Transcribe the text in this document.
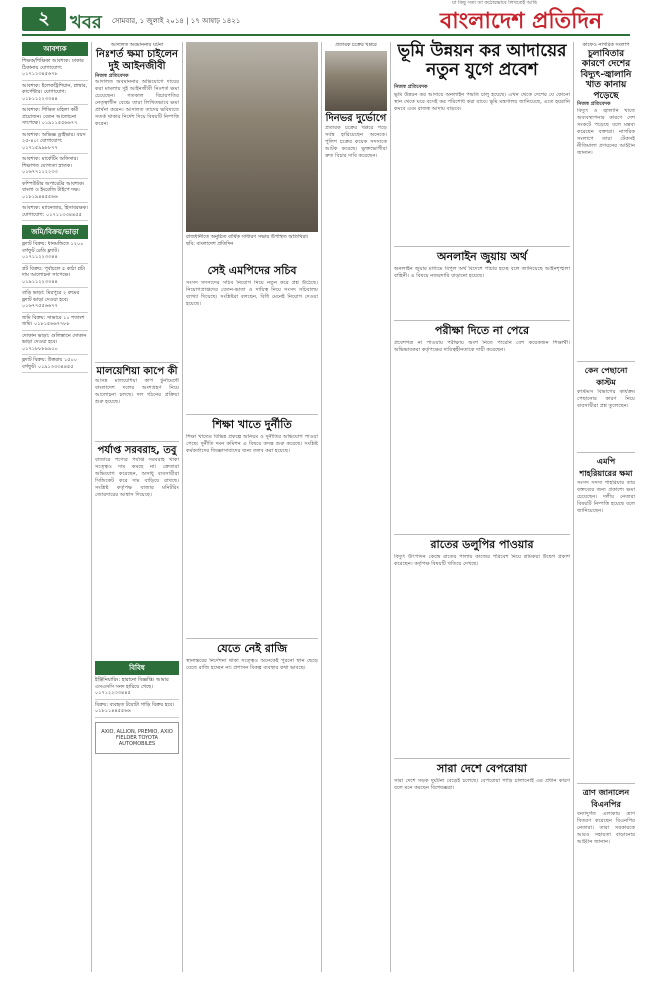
২	খবর সোমবার, ১ জুলাই ২০১৪ | ১৭ আষাঢ় ১৪২১
যা কিছু সত্য তা কঠোরভাবে লিখতেই আছি
বাংলাদেশ প্রতিদিন
আবশ্যক
শিক্ষক/শিক্ষিকা আবশ্যক: ঢাকার ঠিকানায় যোগাযোগ: ০১৭১২৩৪৫৬৭৮
আবশ্যক: ইলেকট্রিশিয়ান, প্লাম্বার, কার্পেন্টার। যোগাযোগ: ০১৮১১২২৩৩৪৪
আবশ্যক: শিক্ষিত মহিলা কর্মী প্রয়োজন। বেতন আলোচনা সাপেক্ষে। ০১৯১১৫৫৬৬৭৭
আবশ্যক: অভিজ্ঞ ড্রাইভার। বয়স ২৫-৪০। যোগাযোগ: ০১৭১৫৯৯৮৮৭৭
আবশ্যক: মার্কেটিং অফিসার। শিক্ষাগত যোগ্যতা স্নাতক। ০১৬৭৭১১২২৩৩
কম্পিউটার অপারেটর আবশ্যক। বাংলা ও ইংরেজি টাইপে দক্ষ। ০১৮১৯৪৪৫৫৬৬
আবশ্যক: ম্যানেজার, হিসাবরক্ষক। যোগাযোগ: ০১৭১১৩৩৪৪৫৫
জমি/বিক্রয়/ভাড়া
ফ্ল্যাট বিক্রয়: ধানমন্ডিতে ১২০০ বর্গফুট রেডি ফ্ল্যাট। ০১৭১১২২৩৩৪৪
প্লট বিক্রয়: পূর্বাচলে ৫ কাঠা প্লট। দাম আলোচনা সাপেক্ষে। ০১৯১১২২৩৩৪৪
বাড়ি ভাড়া: মিরপুরে ২ রুমের ফ্ল্যাট ভাড়া দেওয়া হবে। ০১৬৭৭৫৫৬৬৭৭
জমি বিক্রয়: সাভারে ১০ শতাংশ জমি। ০১৮১৫৬৬৭৭৮৮
দোকান ভাড়া: গুলিস্তানে দোকান ভাড়া দেওয়া হবে। ০১৭১৮৮৮৯৯০০
ফ্ল্যাট বিক্রয়: উত্তরায় ১৫০০ বর্গফুট। ০১৯১৩৩৩৪৪৫৫
আদালত অবমাননার ঘটনা
নিঃশর্ত ক্ষমা চাইলেন দুই আইনজীবী
নিজস্ব প্রতিবেদক
আদালত অবমাননার অভিযোগে দায়ের করা মামলায় দুই আইনজীবী নিঃশর্ত ক্ষমা চেয়েছেন। গতকাল বিচারপতির নেতৃত্বাধীন বেঞ্চে তারা লিখিতভাবে ক্ষমা প্রার্থনা করেন। আদালত তাদের ভবিষ্যতে সতর্ক থাকার নির্দেশ দিয়ে বিষয়টি নিষ্পত্তি করেন।
মালয়েশিয়া কাপে কী
আসন্ন মালয়েশিয়া কাপ টুর্নামেন্টে বাংলাদেশ দলের অংশগ্রহণ নিয়ে আলোচনা চলছে। দল গঠনের প্রক্রিয়া শুরু হয়েছে।
পর্যাপ্ত সরবরাহ, তবু
বাজারে পণ্যের পর্যাপ্ত সরবরাহ থাকা সত্ত্বেও দাম কমছে না। ক্রেতারা অভিযোগ করেছেন, অসাধু ব্যবসায়ীরা সিন্ডিকেট করে দাম বাড়িয়ে রাখছে। সংশ্লিষ্ট কর্তৃপক্ষ বাজার মনিটরিং জোরদারের আশ্বাস দিয়েছে।
বিবিধ
ইঞ্জিনিয়ারিং: হারানো বিজ্ঞপ্তি। আমার এসএসসি সনদ হারিয়ে গেছে। ০১৭১২২৩৩৪৪৫
বিক্রয়: ব্যবহৃত টয়োটা গাড়ি বিক্রয় হবে। ০১৮১১৪৪৫৫৬৬
AXIO, ALLION, PREMIO, AXIO FIELDER TOYOTA AUTOMOBILES
রাজধানীতে অনুষ্ঠিত বার্ষিক সাধারণ সভায় উপস্থিত অতিথিরা। ছবি: বাংলাদেশ প্রতিদিন
সেই এমপিদের সচিব
সংসদ সদস্যদের সচিব নিয়োগ নিয়ে নতুন করে প্রশ্ন উঠেছে। নিয়োগপ্রাপ্তদের বেতন-ভাতা ও দায়িত্ব নিয়ে সংসদ সচিবালয় ব্যাখ্যা দিয়েছে। সংশ্লিষ্টরা বলছেন, বিধি মেনেই নিয়োগ দেওয়া হয়েছে।
শিক্ষা খাতে দুর্নীতি
শিক্ষা খাতের বিভিন্ন প্রকল্পে অনিয়ম ও দুর্নীতির অভিযোগ পাওয়া গেছে। দুর্নীতি দমন কমিশন এ বিষয়ে তদন্ত শুরু করেছে। সংশ্লিষ্ট কর্মকর্তাদের জিজ্ঞাসাবাদের জন্য তলব করা হয়েছে।
যেতে নেই রাজি
স্থানান্তরের নির্দেশনা থাকা সত্ত্বেও অনেকেই পুরনো স্থান ছেড়ে যেতে রাজি হচ্ছেন না। প্রশাসন বিকল্প ব্যবস্থার কথা ভাবছে।
প্রতারক চক্রের খপ্পরে
দিনভর দুর্ভোগে
প্রতারক চক্রের খপ্পরে পড়ে সর্বস্ব হারিয়েছেন অনেকে। পুলিশ চক্রের কয়েক সদস্যকে আটক করেছে। ভুক্তভোগীরা দ্রুত বিচার দাবি করেছেন।
ভূমি উন্নয়ন কর আদায়ের নতুন যুগে প্রবেশ
নিজস্ব প্রতিবেদক
ভূমি উন্নয়ন কর আদায়ে অনলাইন পদ্ধতি চালু হয়েছে। এখন থেকে দেশের যে কোনো স্থান থেকে ঘরে বসেই কর পরিশোধ করা যাবে। ভূমি মন্ত্রণালয় জানিয়েছে, এতে হয়রানি কমবে এবং রাজস্ব আদায় বাড়বে।
অনলাইন জুয়ায় অর্থ
অনলাইন জুয়ার মাধ্যমে বিপুল অর্থ বিদেশে পাচার হচ্ছে বলে জানিয়েছে আইনশৃঙ্খলা বাহিনী। এ বিষয়ে নজরদারি বাড়ানো হয়েছে।
পরীক্ষা দিতে না পেরে
প্রবেশপত্র না পাওয়ায় পরীক্ষায় অংশ নিতে পারেনি বেশ কয়েকজন শিক্ষার্থী। অভিভাবকরা কর্তৃপক্ষের দায়িত্বহীনতাকে দায়ী করেছেন।
রাতের ডলুপির পাওয়ার
বিদ্যুৎ উৎপাদন কেন্দ্রে রাতের পালায় কাজের পরিবেশ নিয়ে শ্রমিকরা উদ্বেগ প্রকাশ করেছেন। কর্তৃপক্ষ বিষয়টি খতিয়ে দেখছে।
সারা দেশে বেপরোয়া
সারা দেশে সড়ক দুর্ঘটনা বেড়েই চলেছে। বেপরোয়া গাড়ি চালানোই এর প্রধান কারণ বলে মনে করছেন বিশেষজ্ঞরা।
কাফেও নাগরিক সংলাপ
চুলাবিতার কারণে দেশের বিদ্যুৎ-জ্বালানি খাত কানায় পড়েছে
নিজস্ব প্রতিবেদক
বিদ্যুৎ ও জ্বালানি খাতে অব্যবস্থাপনার কারণে দেশ সংকটে পড়েছে বলে মন্তব্য করেছেন বক্তারা। নাগরিক সংলাপে তারা টেকসই নীতিমালা প্রণয়নের আহ্বান জানান।
কেন পেছানো কাস্টম
কাস্টমস বিভাগের কার্যক্রম পেছানোর কারণ নিয়ে ব্যবসায়ীরা প্রশ্ন তুলেছেন।
এমপি শাহরিয়ারের ক্ষমা
সংসদ সদস্য শাহরিয়ার তার বক্তব্যের জন্য প্রকাশ্যে ক্ষমা চেয়েছেন। দলীয় নেতারা বিষয়টি নিষ্পত্তি হয়েছে বলে জানিয়েছেন।
ত্রাণ জানালেন বিএনপির
বন্যাদুর্গত এলাকায় ত্রাণ বিতরণ করেছেন বিএনপির নেতারা। তারা সরকারকে আরও সহায়তা বাড়ানোর আহ্বান জানান।
